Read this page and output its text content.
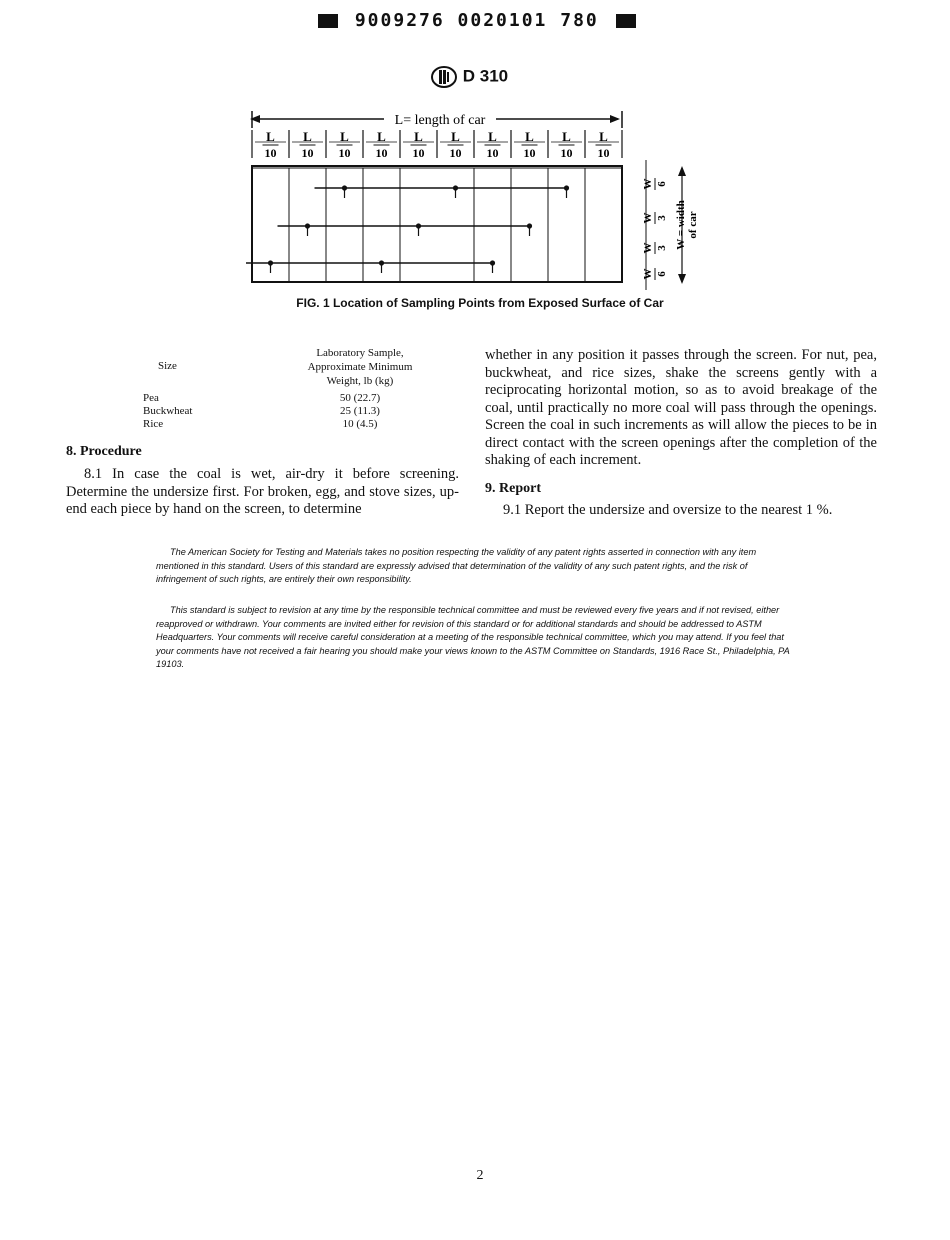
9009276 0020101 780
D 310
L= length of car
L
10
L
10
L
10
L
10
L
10
L
10
L
10
L
10
L
10
L
10
W 6
W 3
W 3
W 6
W = width of car
FIG. 1 Location of Sampling Points from Exposed Surface of Car
Size
Laboratory Sample,
Approximate Minimum
Weight, lb (kg)
Pea	50 (22.7)
Buckwheat	25 (11.3)
Rice	10 (4.5)
8. Procedure
8.1 In case the coal is wet, air-dry it before screening. Determine the undersize first. For broken, egg, and stove sizes, up-end each piece by hand on the screen, to determine
whether in any position it passes through the screen. For nut, pea, buckwheat, and rice sizes, shake the screens gently with a reciprocating horizontal motion, so as to avoid breakage of the coal, until practically no more coal will pass through the openings. Screen the coal in such increments as will allow the pieces to be in direct contact with the screen openings after the completion of the shaking of each increment.
9. Report
9.1 Report the undersize and oversize to the nearest 1 %.
The American Society for Testing and Materials takes no position respecting the validity of any patent rights asserted in connection with any item mentioned in this standard. Users of this standard are expressly advised that determination of the validity of any such patent rights, and the risk of infringement of such rights, are entirely their own responsibility.
This standard is subject to revision at any time by the responsible technical committee and must be reviewed every five years and if not revised, either reapproved or withdrawn. Your comments are invited either for revision of this standard or for additional standards and should be addressed to ASTM Headquarters. Your comments will receive careful consideration at a meeting of the responsible technical committee, which you may attend. If you feel that your comments have not received a fair hearing you should make your views known to the ASTM Committee on Standards, 1916 Race St., Philadelphia, PA 19103.
2
